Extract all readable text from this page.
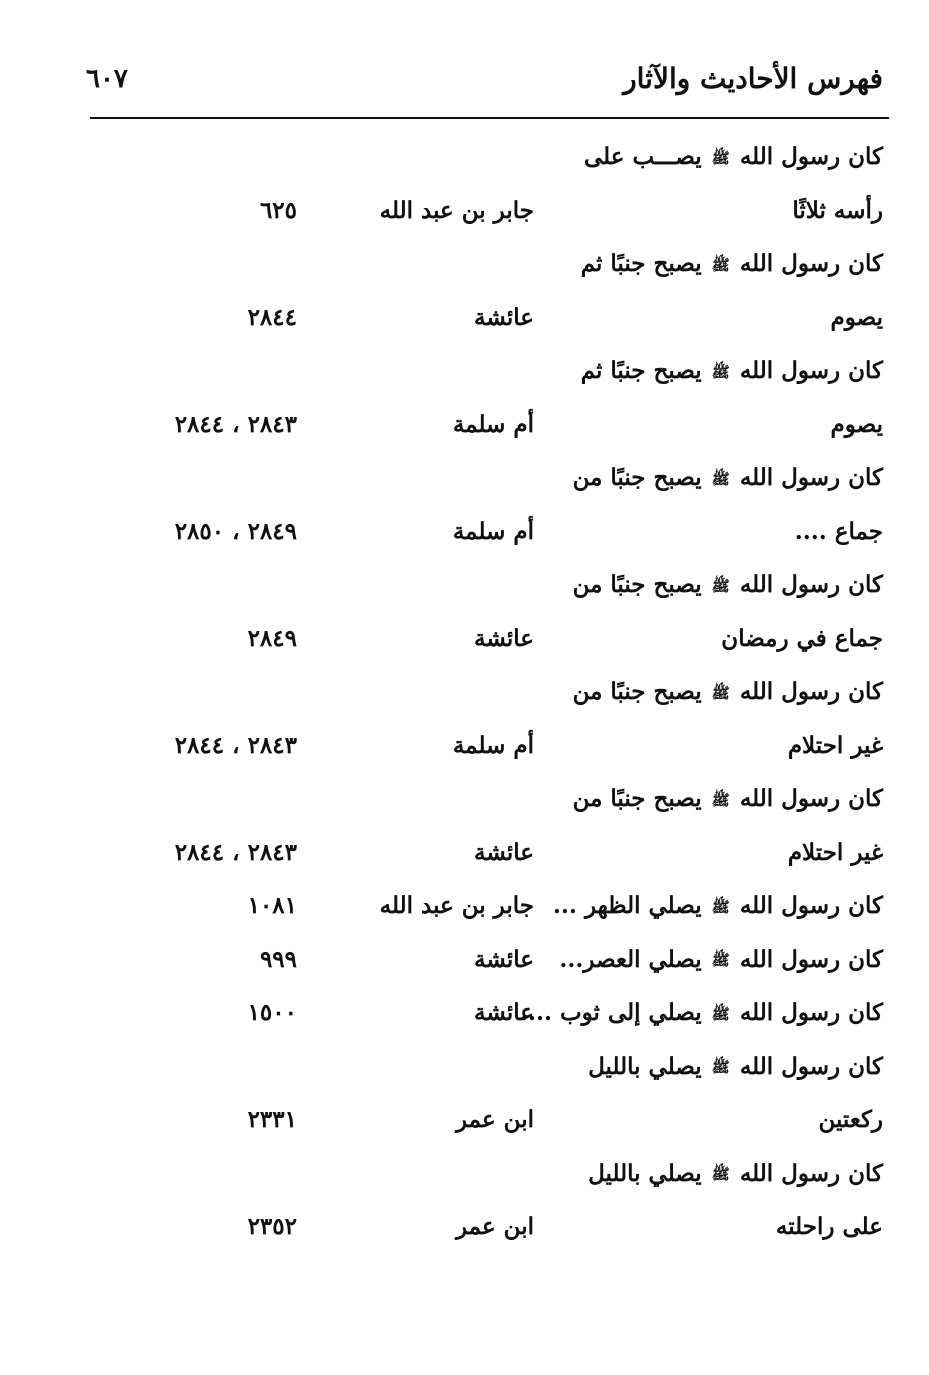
فهرس الأحاديث والآثار
٦٠٧
كان رسول الله ﷺ يصـــب على
رأسه ثلاثًا
جابر بن عبد الله
٦٢٥
كان رسول الله ﷺ يصبح جنبًا ثم
يصوم
عائشة
٢٨٤٤
كان رسول الله ﷺ يصبح جنبًا ثم
يصوم
أم سلمة
٢٨٤٣ ، ٢٨٤٤
كان رسول الله ﷺ يصبح جنبًا من
جماع ....
أم سلمة
٢٨٤٩ ، ٢٨٥٠
كان رسول الله ﷺ يصبح جنبًا من
جماع في رمضان
عائشة
٢٨٤٩
كان رسول الله ﷺ يصبح جنبًا من
غير احتلام
أم سلمة
٢٨٤٣ ، ٢٨٤٤
كان رسول الله ﷺ يصبح جنبًا من
غير احتلام
عائشة
٢٨٤٣ ، ٢٨٤٤
كان رسول الله ﷺ يصلي الظهر ...
جابر بن عبد الله
١٠٨١
كان رسول الله ﷺ يصلي العصر...
عائشة
٩٩٩
كان رسول الله ﷺ يصلي إلى ثوب ....
عائشة
١٥٠٠
كان رسول الله ﷺ يصلي بالليل
ركعتين
ابن عمر
٢٣٣١
كان رسول الله ﷺ يصلي بالليل
على راحلته
ابن عمر
٢٣٥٢
